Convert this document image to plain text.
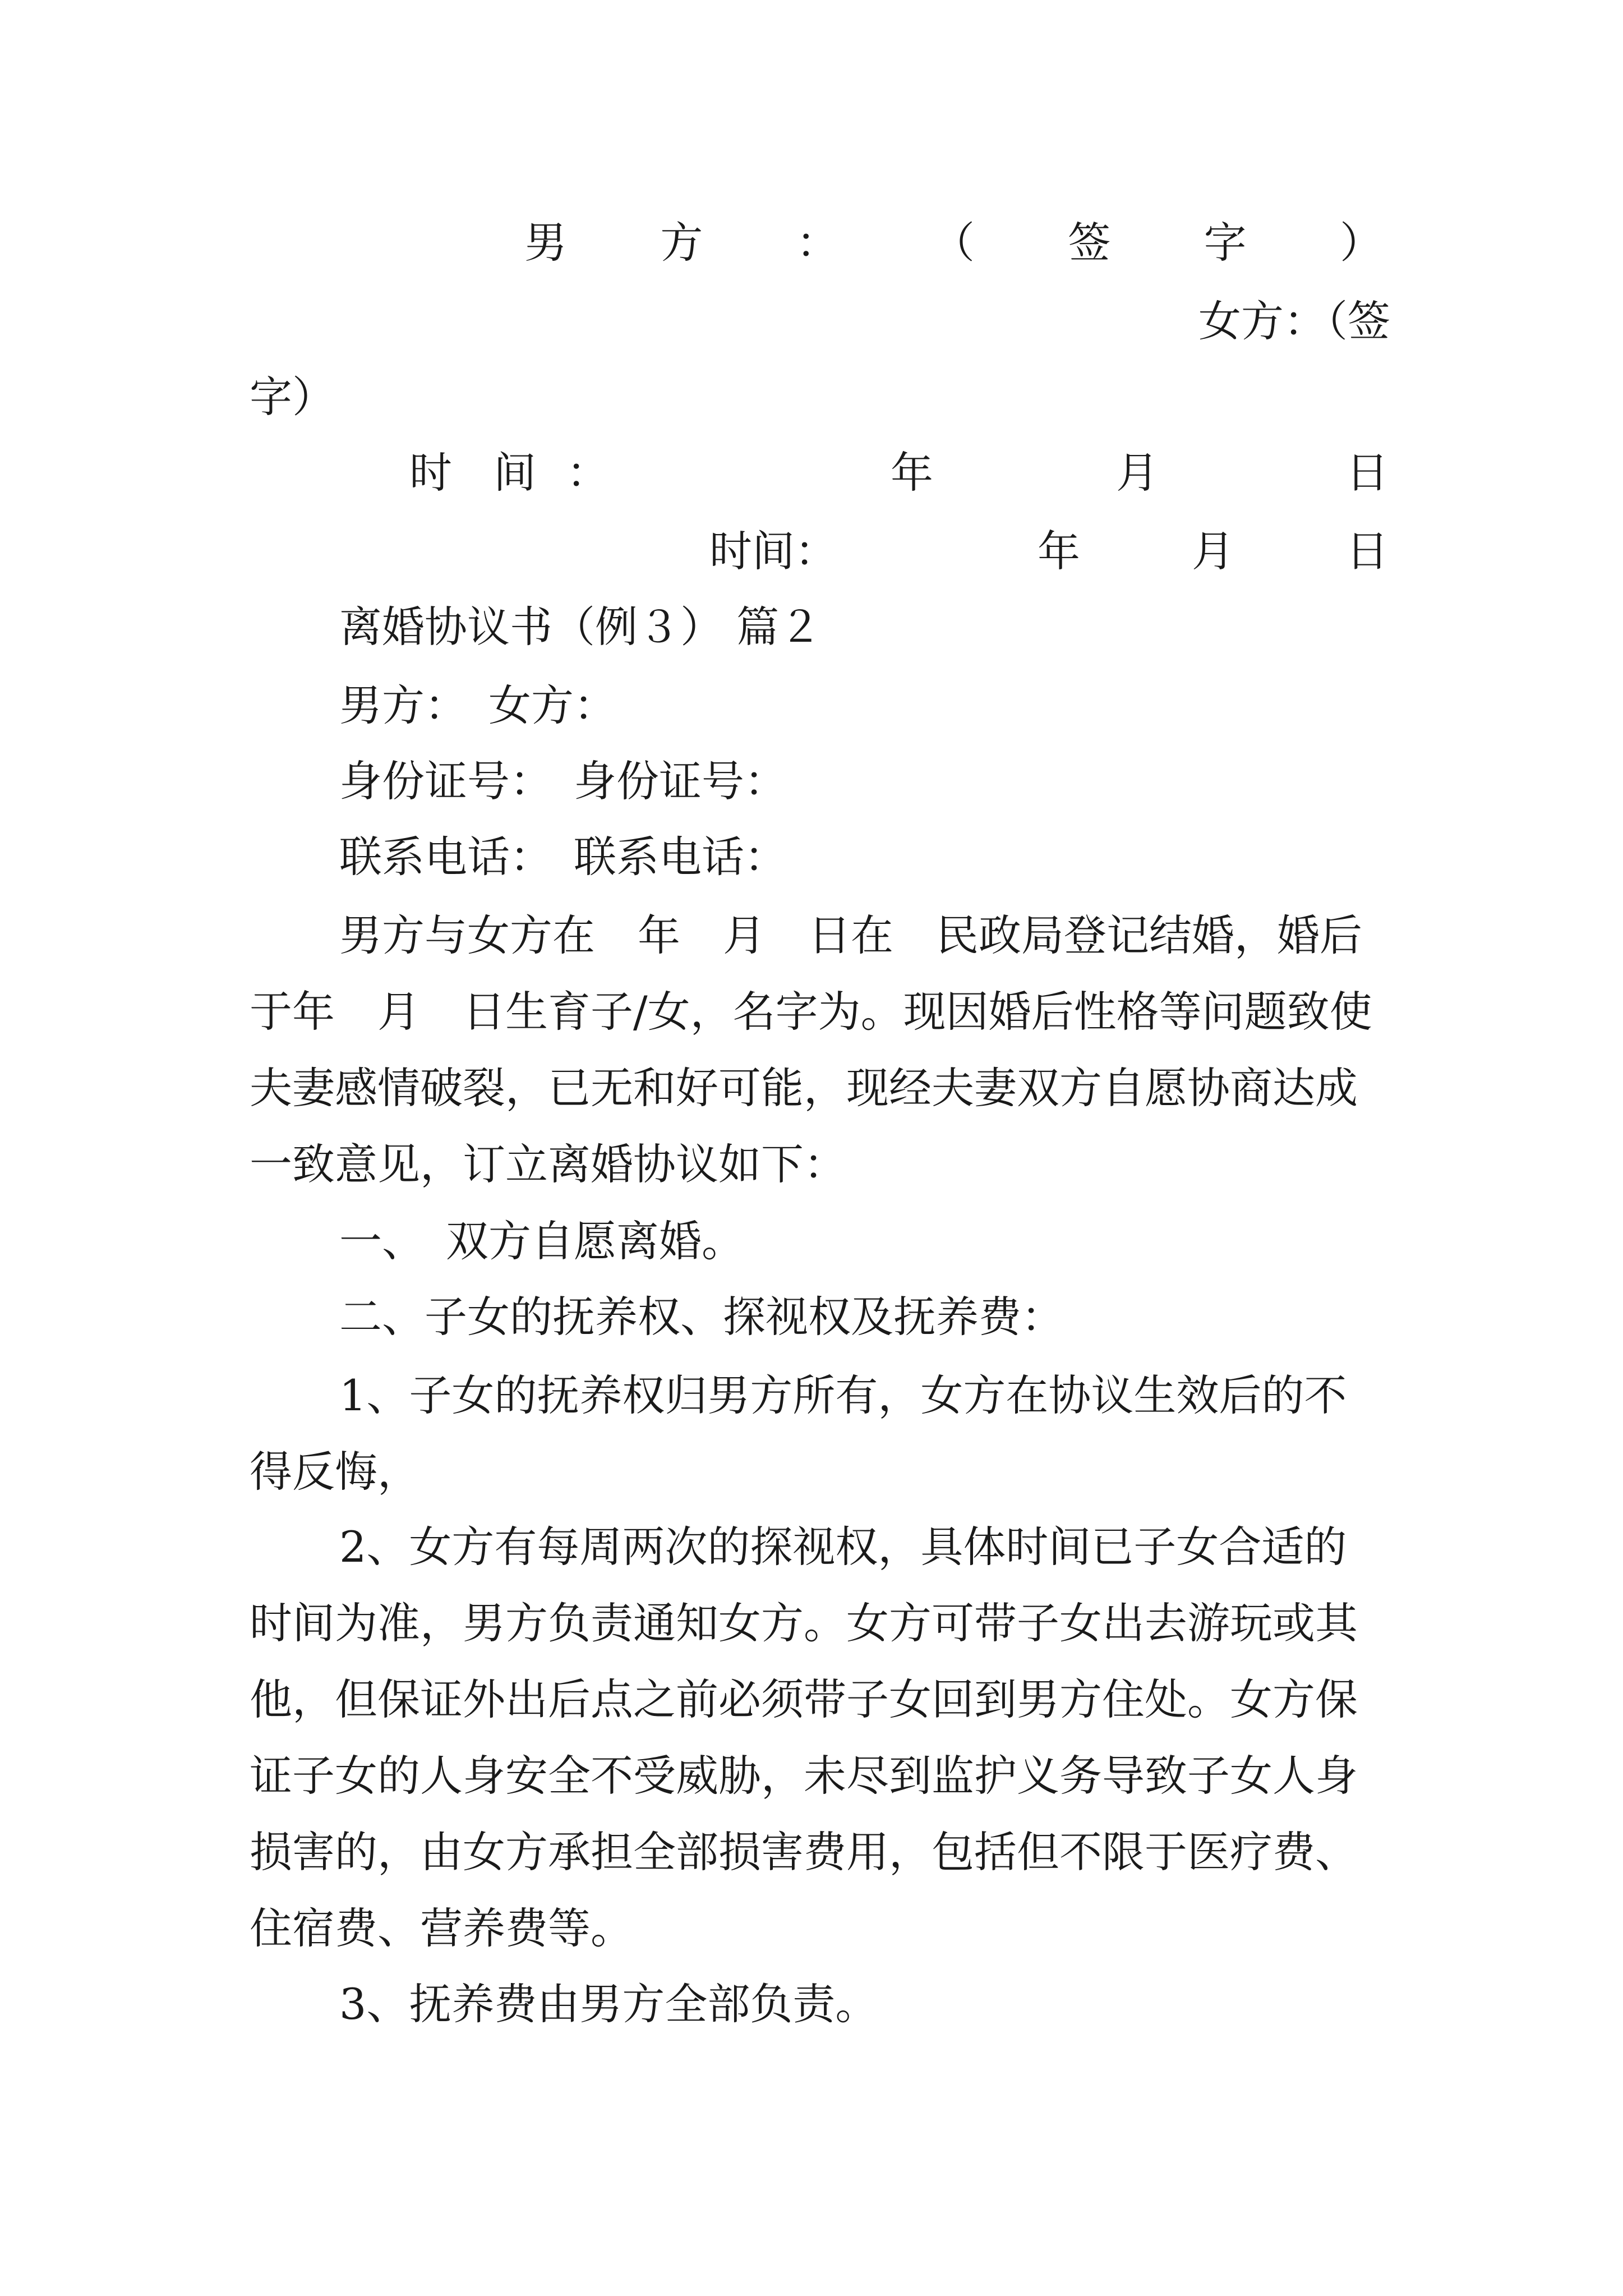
男 方 ： （ 签 字 ）
女方：（签
字）
时 间 ：	年	月	日
时间：	年	月	日
离婚协议书（例３） 篇２
男方：　女方：
身份证号：　身份证号：
联系电话：　联系电话：
男方与女方在　年　月　日在　民政局登记结婚，婚后于年　月　日生育子/女，名字为。现因婚后性格等问题致使夫妻感情破裂，已无和好可能，现经夫妻双方自愿协商达成一致意见，订立离婚协议如下：
一、　双方自愿离婚。
二、子女的抚养权、探视权及抚养费：
1、子女的抚养权归男方所有，女方在协议生效后的不得反悔，
2、女方有每周两次的探视权，具体时间已子女合适的时间为准，男方负责通知女方。女方可带子女出去游玩或其他，但保证外出后点之前必须带子女回到男方住处。女方保证子女的人身安全不受威胁，未尽到监护义务导致子女人身损害的，由女方承担全部损害费用，包括但不限于医疗费、住宿费、营养费等。
3、抚养费由男方全部负责。
